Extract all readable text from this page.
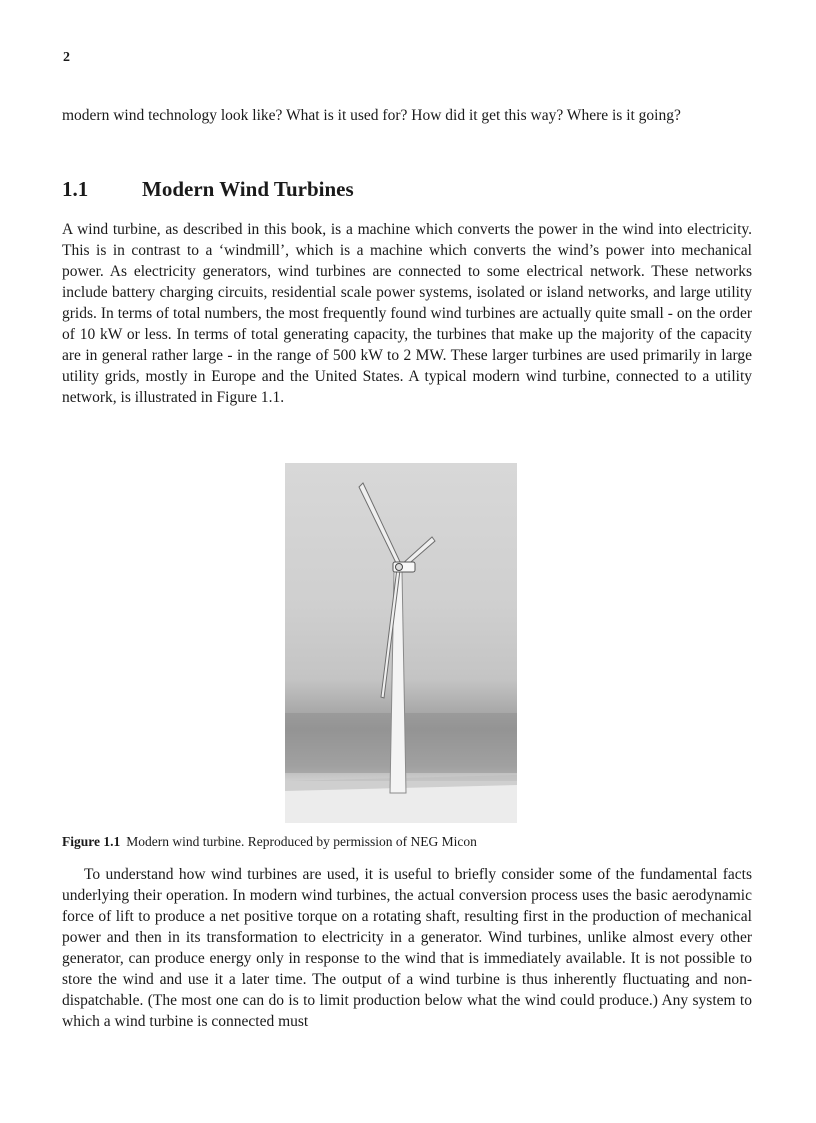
2

modern wind technology look like? What is it used for? How did it get this way? Where is it going?

1.1	Modern Wind Turbines

A wind turbine, as described in this book, is a machine which converts the power in the wind into electricity. This is in contrast to a ‘windmill’, which is a machine which converts the wind’s power into mechanical power. As electricity generators, wind turbines are connected to some electrical network. These networks include battery charging circuits, residential scale power systems, isolated or island networks, and large utility grids. In terms of total numbers, the most frequently found wind turbines are actually quite small - on the order of 10 kW or less. In terms of total generating capacity, the turbines that make up the majority of the capacity are in general rather large - in the range of 500 kW to 2 MW. These larger turbines are used primarily in large utility grids, mostly in Europe and the United States. A typical modern wind turbine, connected to a utility network, is illustrated in Figure 1.1.

Figure 1.1 Modern wind turbine. Reproduced by permission of NEG Micon

To understand how wind turbines are used, it is useful to briefly consider some of the fundamental facts underlying their operation. In modern wind turbines, the actual conversion process uses the basic aerodynamic force of lift to produce a net positive torque on a rotating shaft, resulting first in the production of mechanical power and then in its transformation to electricity in a generator. Wind turbines, unlike almost every other generator, can produce energy only in response to the wind that is immediately available. It is not possible to store the wind and use it a later time. The output of a wind turbine is thus inherently fluctuating and non-dispatchable. (The most one can do is to limit production below what the wind could produce.) Any system to which a wind turbine is connected must
